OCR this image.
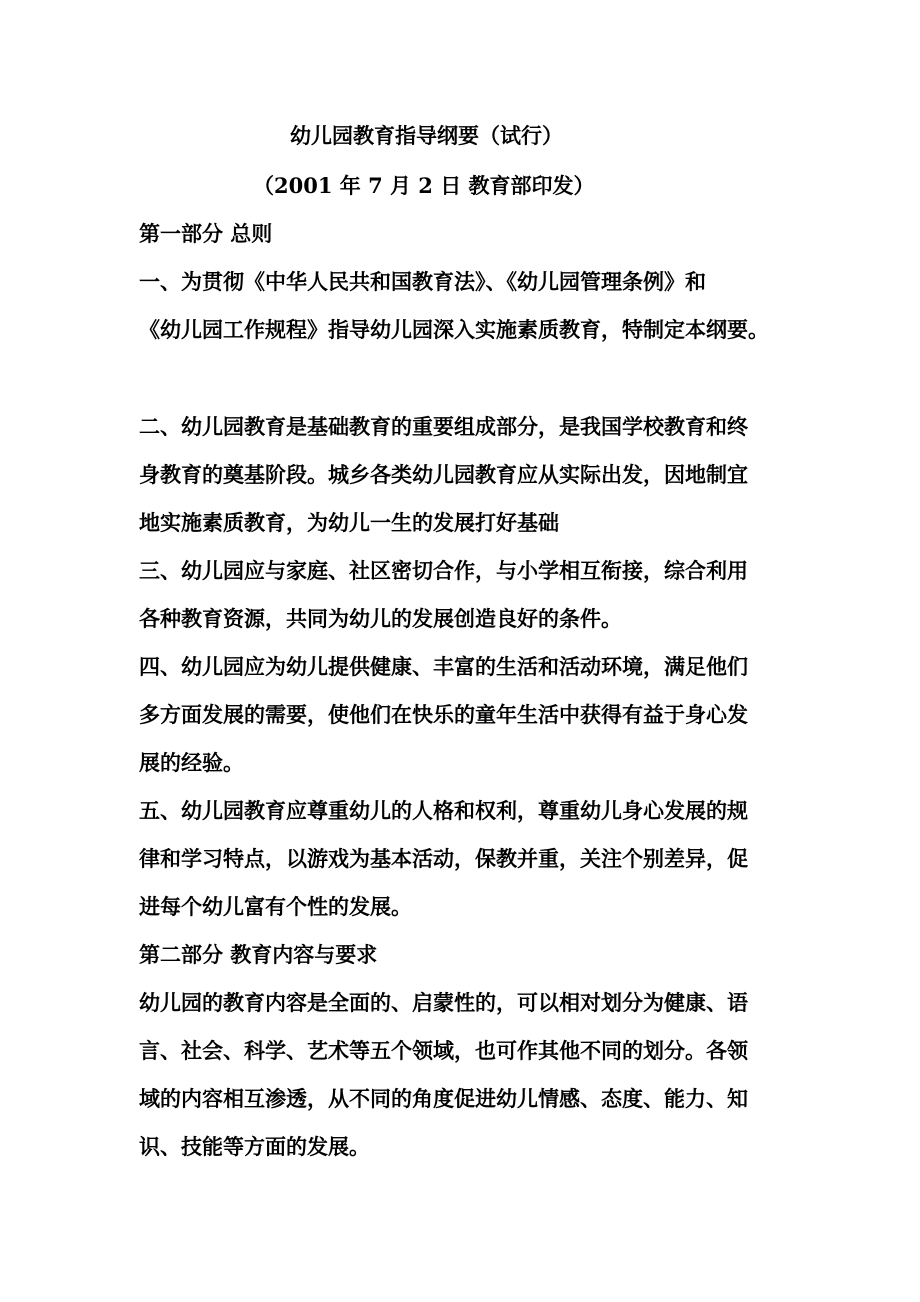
幼儿园教育指导纲要（试行）
（2001 年 7 月 2 日 教育部印发）
第一部分 总则
一、为贯彻《中华人民共和国教育法》、《幼儿园管理条例》和
《幼儿园工作规程》指导幼儿园深入实施素质教育，特制定本纲要。
二、幼儿园教育是基础教育的重要组成部分，是我国学校教育和终
身教育的奠基阶段。城乡各类幼儿园教育应从实际出发，因地制宜
地实施素质教育，为幼儿一生的发展打好基础
三、幼儿园应与家庭、社区密切合作，与小学相互衔接，综合利用
各种教育资源，共同为幼儿的发展创造良好的条件。
四、幼儿园应为幼儿提供健康、丰富的生活和活动环境，满足他们
多方面发展的需要，使他们在快乐的童年生活中获得有益于身心发
展的经验。
五、幼儿园教育应尊重幼儿的人格和权利，尊重幼儿身心发展的规
律和学习特点，以游戏为基本活动，保教并重，关注个别差异，促
进每个幼儿富有个性的发展。
第二部分 教育内容与要求
幼儿园的教育内容是全面的、启蒙性的，可以相对划分为健康、语
言、社会、科学、艺术等五个领域，也可作其他不同的划分。各领
域的内容相互渗透，从不同的角度促进幼儿情感、态度、能力、知
识、技能等方面的发展。
